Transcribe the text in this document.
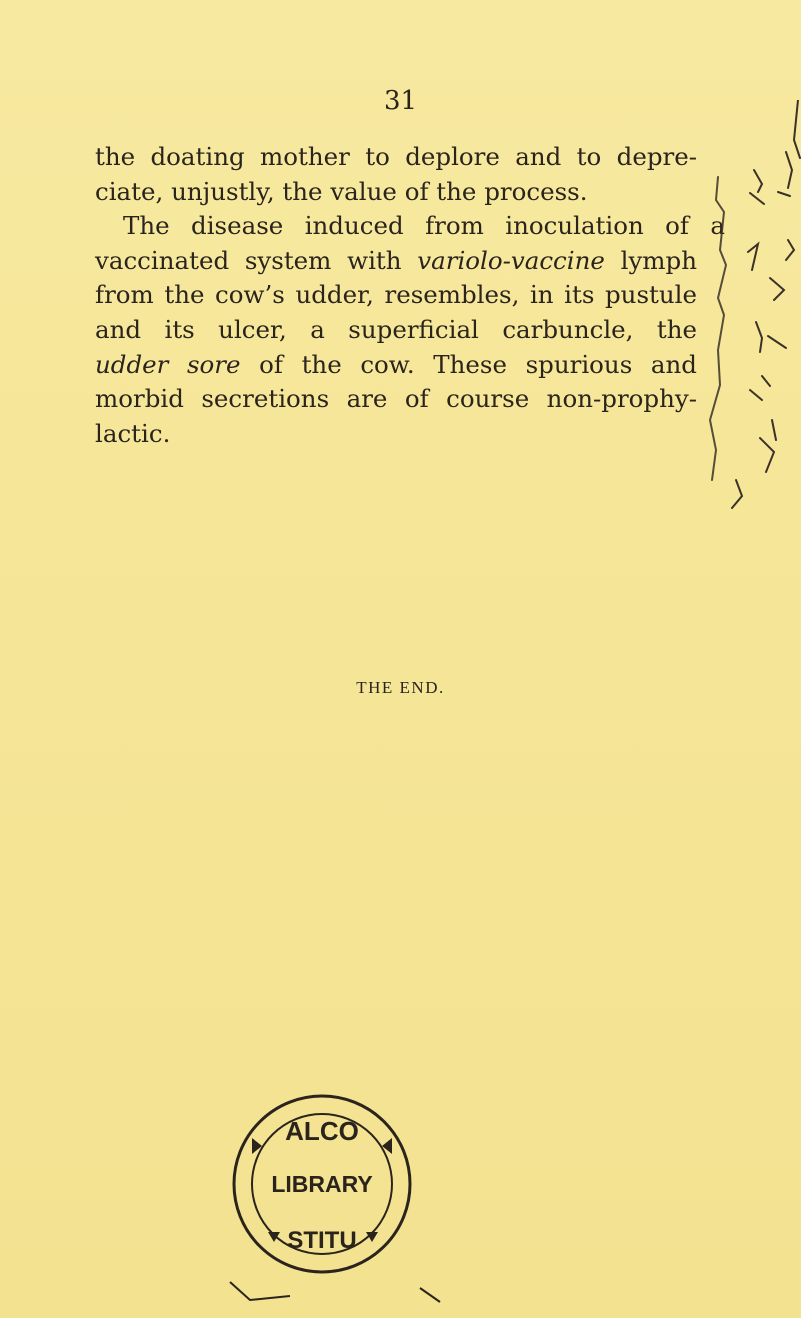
31
the doating mother to deplore and to depre-
ciate, unjustly, the value of the process.
The disease induced from inoculation of a
vaccinated system with variolo-vaccine lymph
from the cow’s udder, resembles, in its pustule
and its ulcer, a superficial carbuncle, the
udder sore of the cow. These spurious and
morbid secretions are of course non-prophy-
lactic.
THE END.
ALCO
LIBRARY
STITU
